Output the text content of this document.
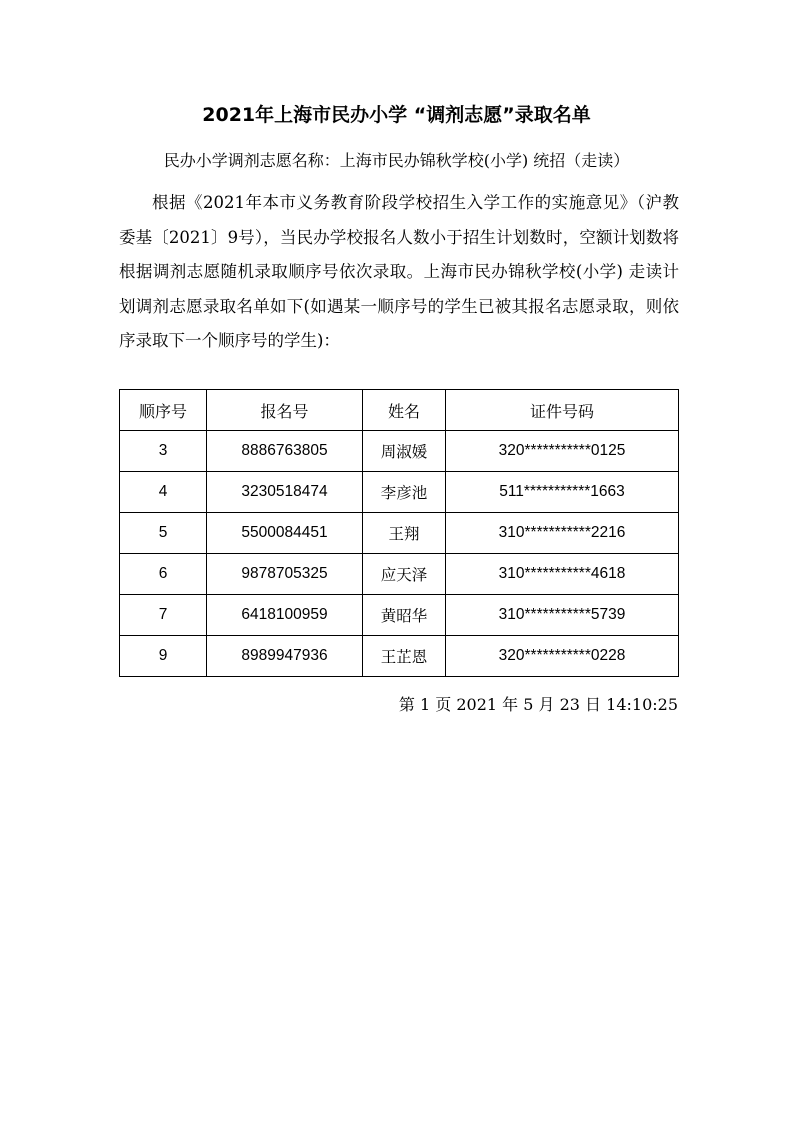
2021年上海市民办小学 “调剂志愿”录取名单
民办小学调剂志愿名称：上海市民办锦秋学校(小学) 统招（走读）
根据《2021年本市义务教育阶段学校招生入学工作的实施意见》（沪教委基〔2021〕9号），当民办学校报名人数小于招生计划数时，空额计划数将根据调剂志愿随机录取顺序号依次录取。上海市民办锦秋学校(小学) 走读计划调剂志愿录取名单如下(如遇某一顺序号的学生已被其报名志愿录取，则依序录取下一个顺序号的学生)：
顺序号	报名号	姓名	证件号码
3	8886763805	周淑媛	320***********0125
4	3230518474	李彦池	511***********1663
5	5500084451	王翔	310***********2216
6	9878705325	应天泽	310***********4618
7	6418100959	黄昭华	310***********5739
9	8989947936	王芷恩	320***********0228
第 1 页 2021 年 5 月 23 日 14:10:25
